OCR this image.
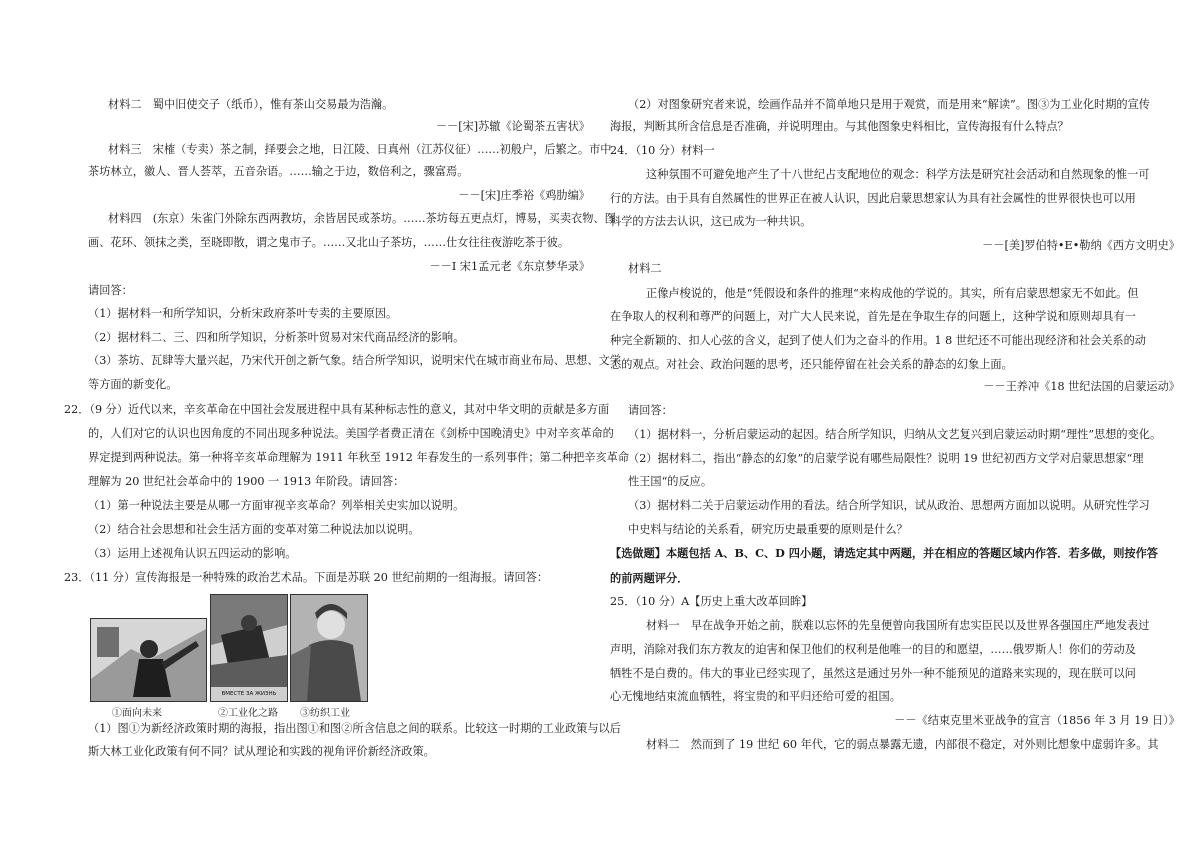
材料二　蜀中旧使交子（纸币），惟有茶山交易最为浩瀚。
－－[宋]苏辙《论蜀茶五害状》
材料三　宋榷（专卖）茶之制，择要会之地，日江陵、日真州（江苏仪征）……初般户，后繁之。市中
茶坊林立，徽人、晋人荟萃，五音杂语。……输之于边，数倍利之，骤富焉。
－－[宋]庄季裕《鸡肋编》
材料四　(东京）朱雀门外除东西两教坊，余皆居民或茶坊。……茶坊每五更点灯，博易，买卖衣物、图
画、花环、领抹之类，至晓即散，谓之鬼市子。……又北山子茶坊，……仕女往往夜游吃茶于彼。
－－I 宋1孟元老《东京梦华录》
请回答：
（1）据材料一和所学知识，分析宋政府茶叶专卖的主要原因。
（2）据材料二、三、四和所学知识，分析茶叶贸易对宋代商品经济的影响。
（3）茶坊、瓦肆等大量兴起，乃宋代开创之新气象。结合所学知识，说明宋代在城市商业布局、思想、文学
等方面的新变化。
22．（9 分）近代以来，辛亥革命在中国社会发展进程中具有某种标志性的意义，其对中华文明的贡献是多方面
的，人们对它的认识也因角度的不同出现多种说法。美国学者费正清在《剑桥中国晚清史》中对辛亥革命的
界定提到两种说法。第一种将辛亥革命理解为 1911 年秋至 1912 年春发生的一系列事件；第二种把辛亥革命
理解为 20 世纪社会革命中的 1900 一 1913 年阶段。请回答：
（1）第一种说法主要是从哪一方面审视辛亥革命？列举相关史实加以说明。
（2）结合社会思想和社会生活方面的变革对第二种说法加以说明。
（3）运用上述视角认识五四运动的影响。
23．（11 分）宣传海报是一种特殊的政治艺术品。下面是苏联 20 世纪前期的一组海报。请回答：
ВМЕСТЕ ЗА ЖИЗНЬ
①面向未来	②工业化之路 ③纺织工业
（1）图①为新经济政策时期的海报，指出图①和图②所含信息之间的联系。比较这一时期的工业政策与以后
斯大林工业化政策有何不同？试从理论和实践的视角评价新经济政策。
（2）对图象研究者来说，绘画作品并不简单地只是用于观赏，而是用来“解读”。图③为工业化时期的宣传
海报，判断其所含信息是否准确，并说明理由。与其他图象史料相比，宣传海报有什么特点？
24．（10 分）材料一
这种氛围不可避免地产生了十八世纪占支配地位的观念：科学方法是研究社会活动和自然现象的惟一可
行的方法。由于具有自然属性的世界正在被人认识，因此启蒙思想家认为具有社会属性的世界很快也可以用
科学的方法去认识，这已成为一种共识。
－－[美]罗伯特•E•勒纳《西方文明史》
材料二
正像卢梭说的，他是“凭假设和条件的推理“来构成他的学说的。其实，所有启蒙思想家无不如此。但
在争取人的权利和尊严的问题上，对广大人民来说，首先是在争取生存的问题上，这种学说和原则却具有一
种完全新颖的、扣人心弦的含义，起到了使人们为之奋斗的作用。1 8 世纪还不可能出现经济和社会关系的动
态的观点。对社会、政治问题的思考，还只能停留在社会关系的静态的幻象上面。
－－王养冲《18 世纪法国的启蒙运动》
请回答：
（1）据材料一，分析启蒙运动的起因。结合所学知识，归纳从文艺复兴到启蒙运动时期“理性”思想的变化。
（2）据材料二，指出“静态的幻象”的启蒙学说有哪些局限性？说明 19 世纪初西方文学对启蒙思想家“理
性王国“的反应。
（3）据材料二关于启蒙运动作用的看法。结合所学知识，试从政治、思想两方面加以说明。从研究性学习
中史料与结论的关系看，研究历史最重要的原则是什么？
【选做题】本题包括 A、B、C、D 四小题，请选定其中两题，并在相应的答题区域内作答．若多做，则按作答
的前两题评分．
25．（10 分）A【历史上重大改革回眸】
材料一　早在战争开始之前，朕难以忘怀的先皇便曾向我国所有忠实臣民以及世界各强国庄严地发表过
声明，消除对我们东方教友的迫害和保卫他们的权利是他唯一的目的和愿望，……俄罗斯人！你们的劳动及
牺牲不是白费的。伟大的事业已经实现了，虽然这是通过另外一种不能预见的道路来实现的，现在朕可以问
心无愧地结束流血牺牲，将宝贵的和平归还给可爱的祖国。
－－《结束克里米亚战争的宣言（1856 年 3 月 19 日）》
材料二　然而到了 19 世纪 60 年代，它的弱点暴露无遗，内部很不稳定，对外则比想象中虚弱许多。其
